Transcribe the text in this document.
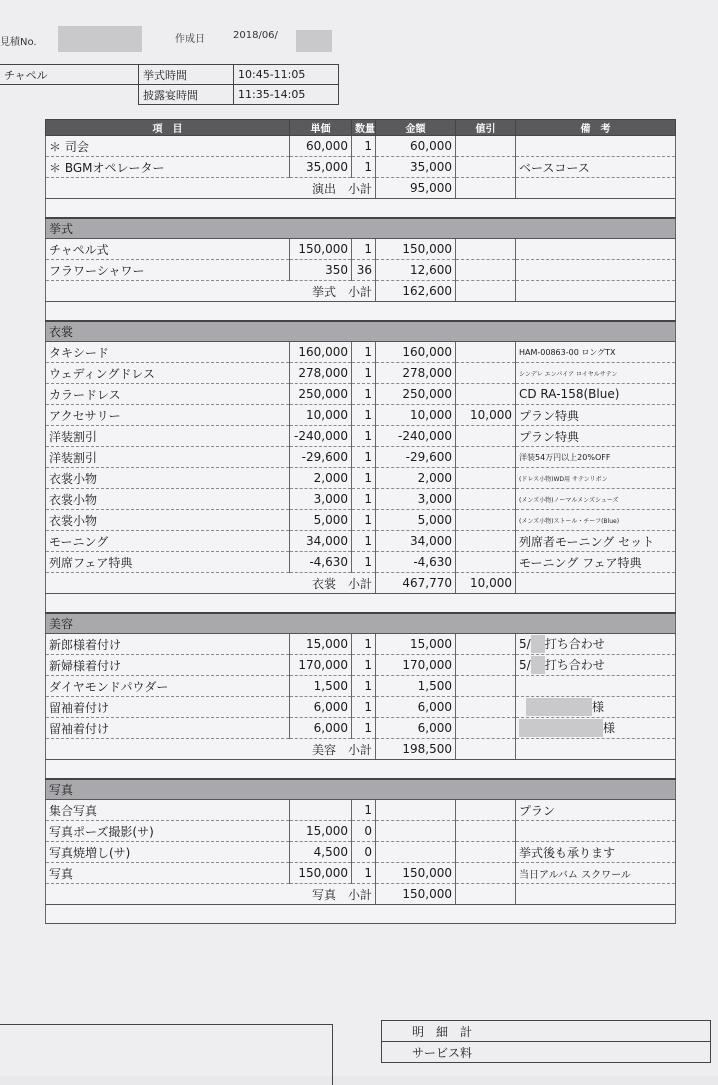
見積No.	作成日	2018/06/
チャペル	挙式時間	10:45-11:05
	披露宴時間	11:35-14:05
項　目	単価	数量	金額	値引	備　考
＊ 司会	60,000	1	60,000		
＊ BGMオペレーター	35,000	1	35,000		ベースコース
	演出　 小計		95,000		

挙式					
チャペル式	150,000	1	150,000		
フラワーシャワー	350	36	12,600		
	挙式　 小計		162,600		

衣裳					
タキシード	160,000	1	160,000		HAM-00863-00 ロングTX
ウェディングドレス	278,000	1	278,000		シンデレ エンパイア ロイヤルサテン
カラードレス	250,000	1	250,000		CD RA-158(Blue)
アクセサリー	10,000	1	10,000	10,000	プラン特典
洋装割引	-240,000	1	-240,000		プラン特典
洋装割引	-29,600	1	-29,600		洋装54万円以上20%OFF
衣裳小物	2,000	1	2,000		(ドレス小物)WD用 サテンリボン
衣裳小物	3,000	1	3,000		(メンズ小物)ノーマルメンズシューズ
衣裳小物	5,000	1	5,000		(メンズ小物)ストール・チーフ(Blue)
モーニング	34,000	1	34,000		列席者モーニング セット
列席フェア特典	-4,630	1	-4,630		モーニング フェア特典
	衣裳　 小計		467,770	10,000	

美容					
新郎様着付け	15,000	1	15,000		5/ 打ち合わせ
新婦様着付け	170,000	1	170,000		5/ 打ち合わせ
ダイヤモンドパウダー	1,500	1	1,500		
留袖着付け	6,000	1	6,000		様
留袖着付け	6,000	1	6,000		様
	美容　 小計		198,500		

写真					
集合写真		1			プラン
写真ポーズ撮影(サ)	15,000	0			
写真焼増し(サ)	4,500	0			挙式後も承ります
写真	150,000	1	150,000		当日アルバム スクワール
	写真　 小計		150,000		

明　細　計
サービス料
